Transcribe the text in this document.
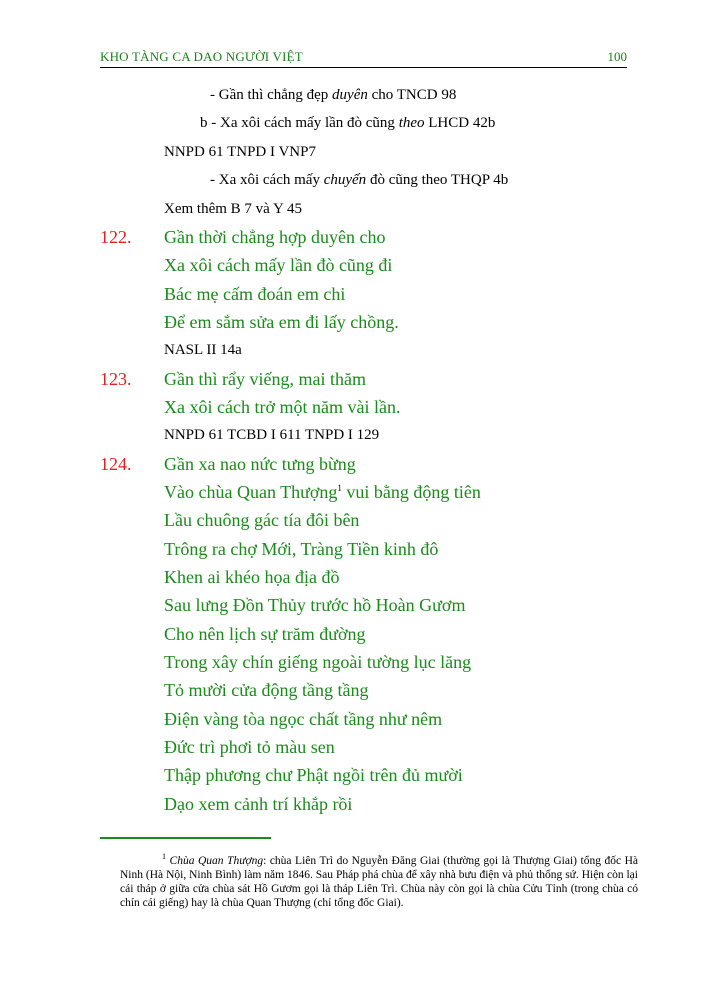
KHO TÀNG CA DAO NGƯỜI VIỆT	100
- Gần thì chẳng đẹp duyên cho TNCD 98
b - Xa xôi cách mấy lần đò cũng theo LHCD 42b
NNPD 61 TNPD I VNP7
- Xa xôi cách mấy chuyến đò cũng theo THQP 4b
Xem thêm B 7 và Y 45
122. Gần thời chẳng hợp duyên cho
Xa xôi cách mấy lần đò cũng đi
Bác mẹ cấm đoán em chi
Để em sắm sửa em đi lấy chồng.
NASL II 14a
123. Gần thì rẩy viếng, mai thăm
Xa xôi cách trở một năm vài lần.
NNPD 61 TCBD I 611 TNPD I 129
124. Gần xa nao nức tưng bừng
Vào chùa Quan Thượng$^1$ vui bằng động tiên
Lầu chuông gác tía đôi bên
Trông ra chợ Mới, Tràng Tiền kinh đô
Khen ai khéo họa địa đồ
Sau lưng Đồn Thủy trước hồ Hoàn Gươm
Cho nên lịch sự trăm đường
Trong xây chín giếng ngoài tường lục lăng
Tỏ mười cửa động tầng tầng
Điện vàng tòa ngọc chất tầng như nêm
Đức trì phơi tỏ màu sen
Thập phương chư Phật ngồi trên đủ mười
Dạo xem cảnh trí khắp rồi
$^1$ Chùa Quan Thượng: chùa Liên Trì do Nguyễn Đăng Giai (thường gọi là Thượng Giai) tổng đốc Hà Ninh (Hà Nội, Ninh Bình) làm năm 1846. Sau Pháp phá chùa để xây nhà bưu điện và phủ thống sứ. Hiện còn lại cái tháp ở giữa cửa chùa sát Hồ Gươm gọi là tháp Liên Trì. Chùa này còn gọi là chùa Cửu Tỉnh (trong chùa có chín cái giếng) hay là chùa Quan Thượng (chỉ tổng đốc Giai).
